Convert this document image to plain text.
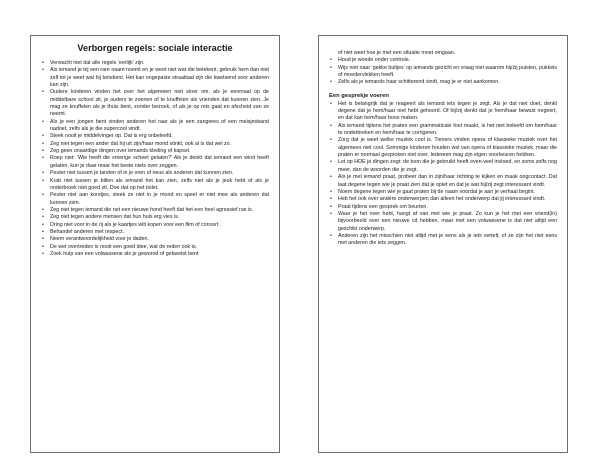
Verborgen regels: sociale interactie
• Verwacht niet dat alle regels ‘eerlijk’ zijn.
• Als iemand je bij een rare naam noemt en je weet niet wat die betekent, gebruik hem dan niet zelf tot je weet wat hij betekent. Het kan ongepaste straattaal zijn die kwetsend voor anderen kan zijn.
• Oudere kinderen vinden het over het algemeen niet stoer om, als je eenmaal op de middelbare school zit, je ouders te zoenen of te knuffelen als vrienden dat kunnen zien. Je mag ze knuffelen als je thuis bent, zonder bezoek, of als je op reis gaat en afscheid van ze neemt.
• Als je een jongen bent vinden anderen het raar als je een zangeres of een meisjesband nadoet, zelfs als je die supercool vindt.
• Steek nooit je middelvinger op. Dat is erg onbeleefd.
• Zeg niet tegen een ander dat hij uit zijn/haar mond stinkt, ook al is dat wel zo.
• Zeg geen onaardige dingen over iemands kleding of kapsel.
• Roep niet: ‘Wie heeft die smerige scheet gelaten?’ Als je denkt dat iemand een wind heeft gelaten, kun je daar maar het beste niets over zeggen.
• Peuter niet tussen je tanden of in je oren of neus als anderen dat kunnen zien.
• Krab niet tussen je billen als iemand het kan zien, zelfs niet als je jeuk hebt of als je onderbroek niet goed zit. Doe dat op het toilet.
• Peuter niet aan korstjes, steek ze niet in je mond en speel er niet mee als anderen dat kunnen zien.
• Zeg niet tegen iemand die net een nieuwe hond heeft dat het een heel agressief ras is.
• Zeg niet tegen andere mensen dat hun huis erg vies is.
• Dring niet voor in de rij als je kaartjes wilt kopen voor een film of concert.
• Behandel anderen met respect.
• Neem verantwoordelijkheid voor je daden.
• De wet overtreden is nooit een goed idee, wat de reden ook is.
• Zoek hulp van een volwassene als je geworod of gekwetst bent
of niet weet hoe je met een situatie moet omgaan.
• Houd je woede onder controle.
• Wijs niet naar ‘gekke bultjes’ op iemands gezicht en vraag niet waarom hij/zij puisten, pukkels of moedervlekken heeft.
• Zelfs als je iemands haar schitterend vindt, mag je er niet aankomen.
Een gesprekje voeren
• Het is belangrijk dat je reageert als iemand iets tegen je zegt. Als je dat niet doet, denkt degene dat je hem/haar niet hebt gehoord. Of hij/zij denkt dat je hem/haar bewust negeert, en dat kan hem/haar boos maken.
• Als iemand tijdens het praten een grammaticale fout maakt, is het niet beleefd om hem/haar te onderbreken en hem/haar te corrigeren.
• Zorg dat je weet welke muziek cool is. Tieners vinden opera of klassieke muziek over het algemeen niet cool. Sommige kinderen houden wel van opera of klassieke muziek, maar die praten er normaal gesproken niet over. Iedereen mag zijn eigen voorkeuren hebben.
• Let op HOE je dingen zegt: de toon die je gebruikt heeft even-veel invloed, en soms zelfs nog meer, dan de woorden die je zegt.
• Als je met iemand praat, probeer dan in zijn/haar richting te kijken en maak oogcontact. Dat laat degene tegen wie je praat zien dat je oplet en dat je wat hij/zij zegt interessant vindt.
• Noem degene tegen wie je gaat praten bij de naam voordat je aan je verhaal begint.
• Heb het ook over andere onderwerpen dan alleen het onderwerp dat jij interessant vindt.
• Praat tijdens een gesprek om beurten.
• Waar je het over hebt, hangt af van met wie je praat. Zo kun je het met een vriend(in) bijvoorbeeld over een nieuwe cd hebben, maar met een volwassene is dat niet altijd een geschikt onderwerp.
• Anderen zijn het misschien niet altijd met je eens als je iets vertelt, of ze zijn het niet eens met anderen die iets zeggen.
